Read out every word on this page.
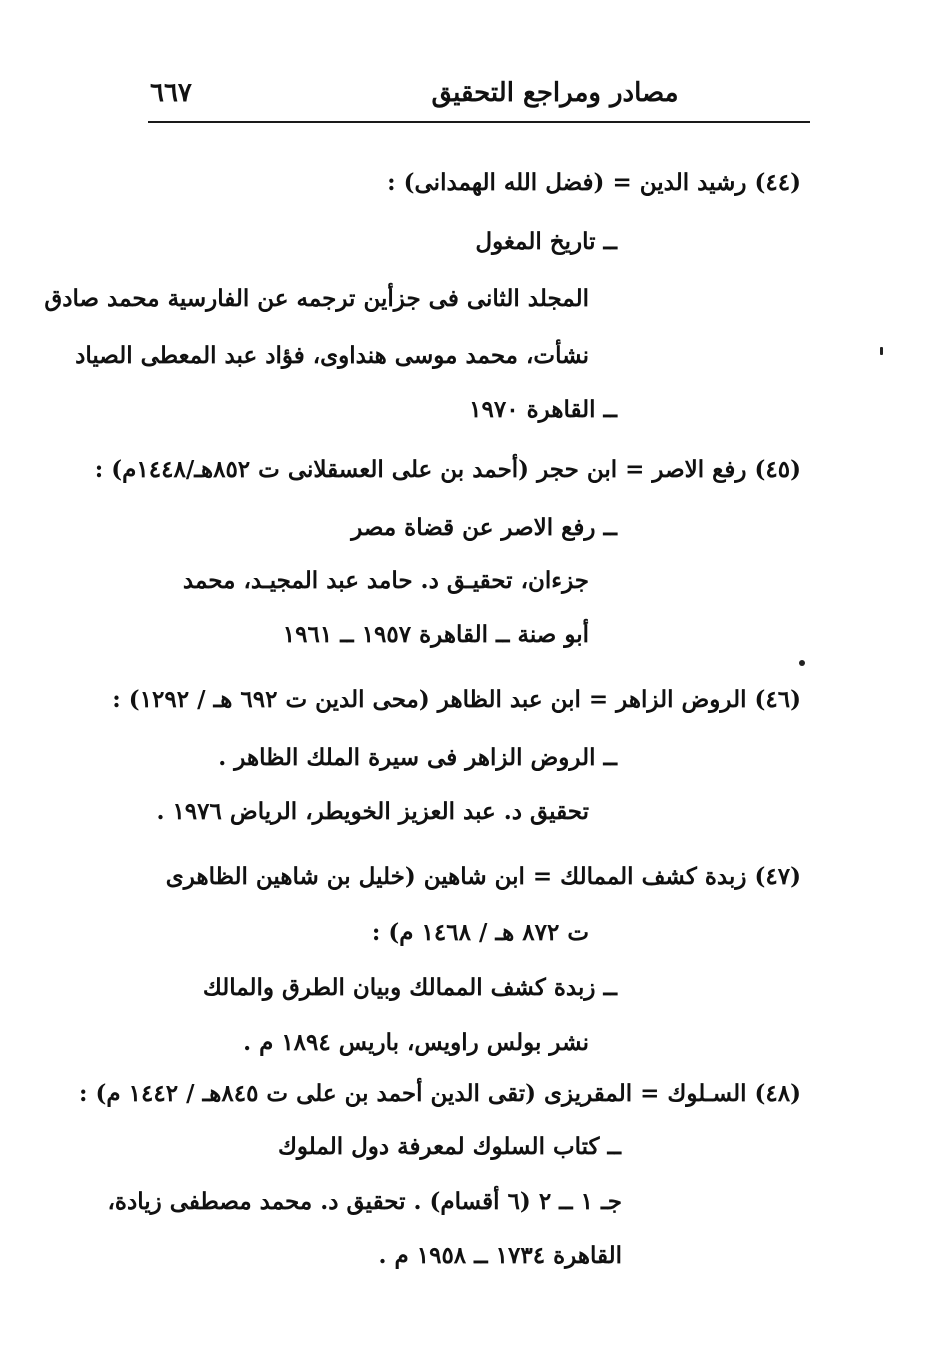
مصادر ومراجع التحقيق
٦٦٧
(٤٤) رشيد الدين = (فضل الله الهمدانى) :
ــ تاريخ المغول
المجلد الثانى فى جزأين ترجمه عن الفارسية محمد صادق
نشأت، محمد موسى هنداوى، فؤاد عبد المعطى الصياد
ــ القاهرة ١٩٧٠
(٤٥) رفع الاصر = ابن حجر (أحمد بن على العسقلانى ت ٨٥٢هـ/١٤٤٨م) :
ــ رفع الاصر عن قضاة مصر
جزءان، تحقيـق د. حامد عبد المجيـد، محمد
أبو صنة ــ القاهرة ١٩٥٧ ــ ١٩٦١
(٤٦) الروض الزاهر = ابن عبد الظاهر (محى الدين ت ٦٩٢ هـ / ١٢٩٢) :
ــ الروض الزاهر فى سيرة الملك الظاهر .
تحقيق د. عبد العزيز الخويطر، الرياض ١٩٧٦ .
(٤٧) زبدة كشف الممالك = ابن شاهين (خليل بن شاهين الظاهرى
ت ٨٧٢ هـ / ١٤٦٨ م) :
ــ زبدة كشف الممالك وبيان الطرق والمالك
نشر بولس راويس، باريس ١٨٩٤ م .
(٤٨) السـلوك = المقريزى (تقى الدين أحمد بن على ت ٨٤٥هـ / ١٤٤٢ م) :
ــ كتاب السلوك لمعرفة دول الملوك
جـ ١ ــ ٢ (٦ أقسام) . تحقيق د. محمد مصطفى زيادة،
القاهرة ١٧٣٤ ــ ١٩٥٨ م .
